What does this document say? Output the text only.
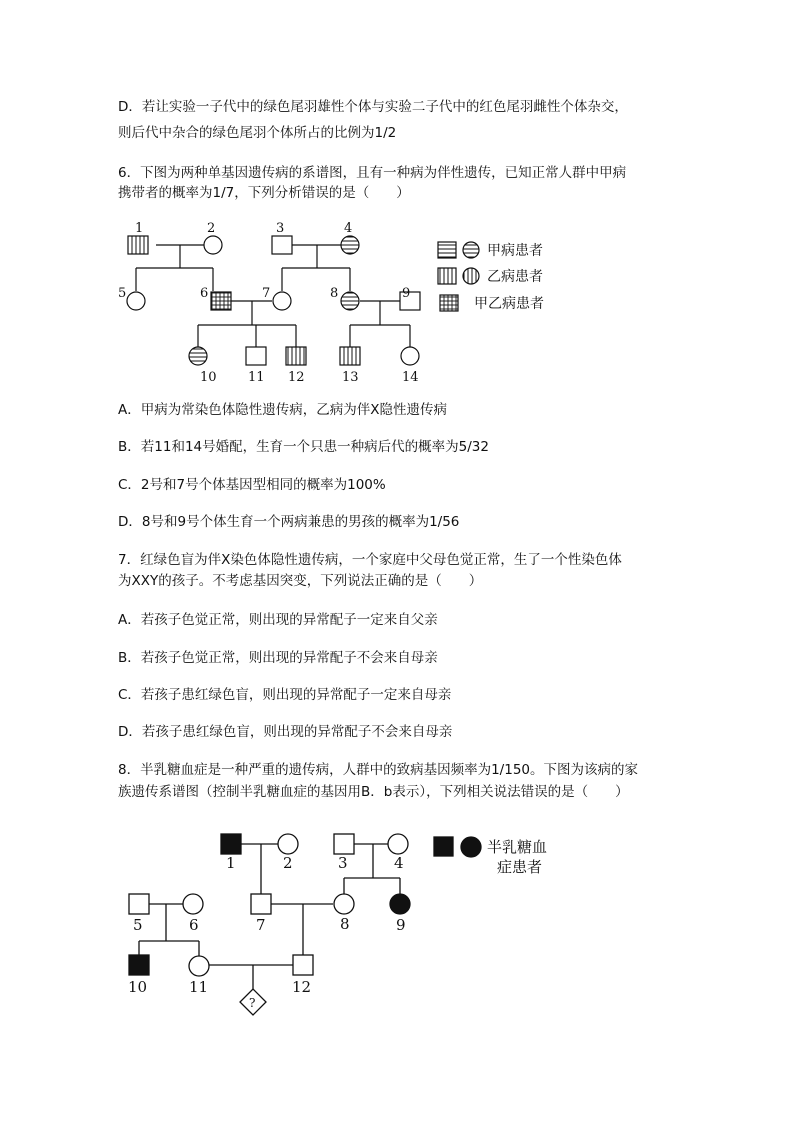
D．若让实验一子代中的绿色尾羽雄性个体与实验二子代中的红色尾羽雌性个体杂交，
则后代中杂合的绿色尾羽个体所占的比例为1/2
6．下图为两种单基因遗传病的系谱图，且有一种病为伴性遗传，已知正常人群中甲病
携带者的概率为1/7，下列分析错误的是（　　）
1	2	3	4
5	6	7	8	9
10 11 12	13	14
甲病患者
乙病患者
甲乙病患者
A．甲病为常染色体隐性遗传病，乙病为伴X隐性遗传病
B．若11和14号婚配，生育一个只患一种病后代的概率为5/32
C．2号和7号个体基因型相同的概率为100%
D．8号和9号个体生育一个两病兼患的男孩的概率为1/56
7．红绿色盲为伴X染色体隐性遗传病，一个家庭中父母色觉正常，生了一个性染色体
为XXY的孩子。不考虑基因突变，下列说法正确的是（　　）
A．若孩子色觉正常，则出现的异常配子一定来自父亲
B．若孩子色觉正常，则出现的异常配子不会来自母亲
C．若孩子患红绿色盲，则出现的异常配子一定来自母亲
D．若孩子患红绿色盲，则出现的异常配子不会来自母亲
8．半乳糖血症是一种严重的遗传病，人群中的致病基因频率为1/150。下图为该病的家
族遗传系谱图（控制半乳糖血症的基因用B．b表示），下列相关说法错误的是（　　）
1	2	3	4
5	6	7	8	9
10	11	12
?
半乳糖血
症患者
